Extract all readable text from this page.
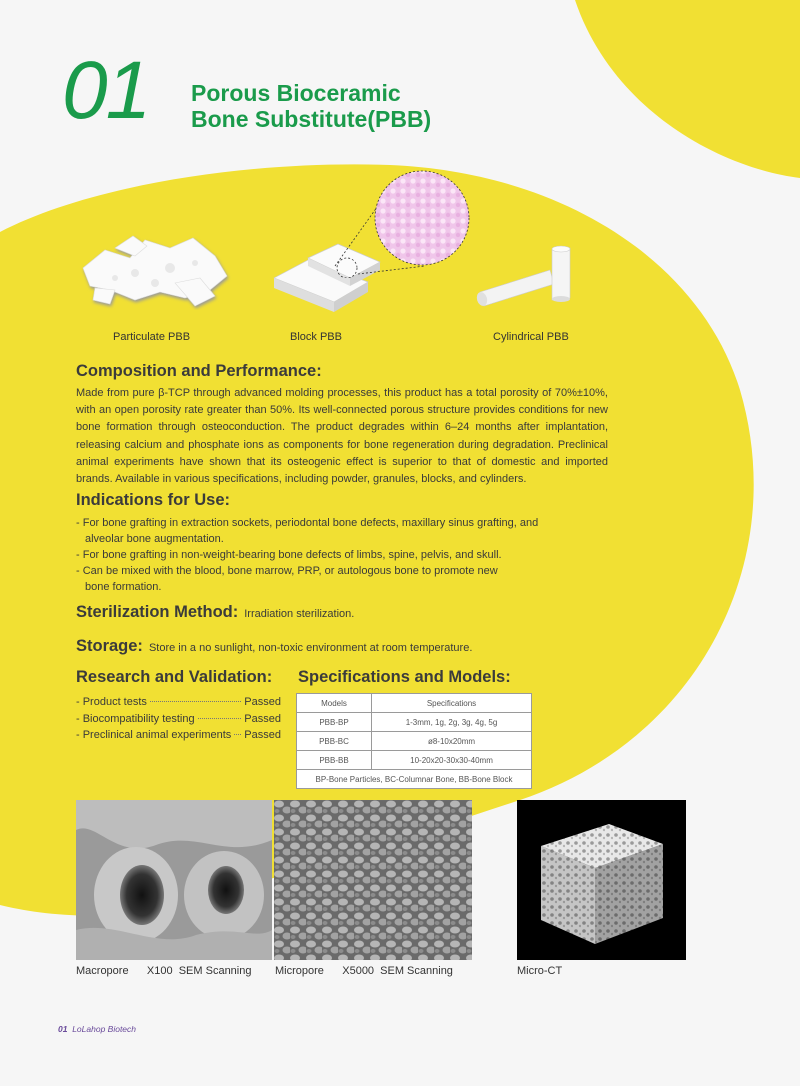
01 Porous Bioceramic
Bone Substitute(PBB)
Particulate PBB	Block PBB	Cylindrical PBB
Composition and Performance:
Made from pure β-TCP through advanced molding processes, this product has a total porosity of 70%±10%, with an open porosity rate greater than 50%. Its well-connected porous structure provides conditions for new bone formation through osteoconduction. The product degrades within 6–24 months after implantation, releasing calcium and phosphate ions as components for bone regeneration during degradation. Preclinical animal experiments have shown that its osteogenic effect is superior to that of domestic and imported brands. Available in various specifications, including powder, granules, blocks, and cylinders.
Indications for Use:
- For bone grafting in extraction sockets, periodontal bone defects, maxillary sinus grafting, and
alveolar bone augmentation.
- For bone grafting in non-weight-bearing bone defects of limbs, spine, pelvis, and skull.
- Can be mixed with the blood, bone marrow, PRP, or autologous bone to promote new
bone formation.
Sterilization Method: Irradiation sterilization.
Storage: Store in a no sunlight, non-toxic environment at room temperature.
Research and Validation:
- Product tests	Passed
- Biocompatibility testing	Passed
- Preclinical animal experiments Passed
Specifications and Models:
Models	Specifications
PBB-BP	1-3mm, 1g, 2g, 3g, 4g, 5g
PBB-BC	ø8-10x20mm
PBB-BB	10-20x20-30x30-40mm
BP-Bone Particles, BC-Columnar Bone, BB-Bone Block	
Macropore      X100  SEM Scanning Micropore      X5000  SEM Scanning	Micro-CT
01 LoLahop Biotech
